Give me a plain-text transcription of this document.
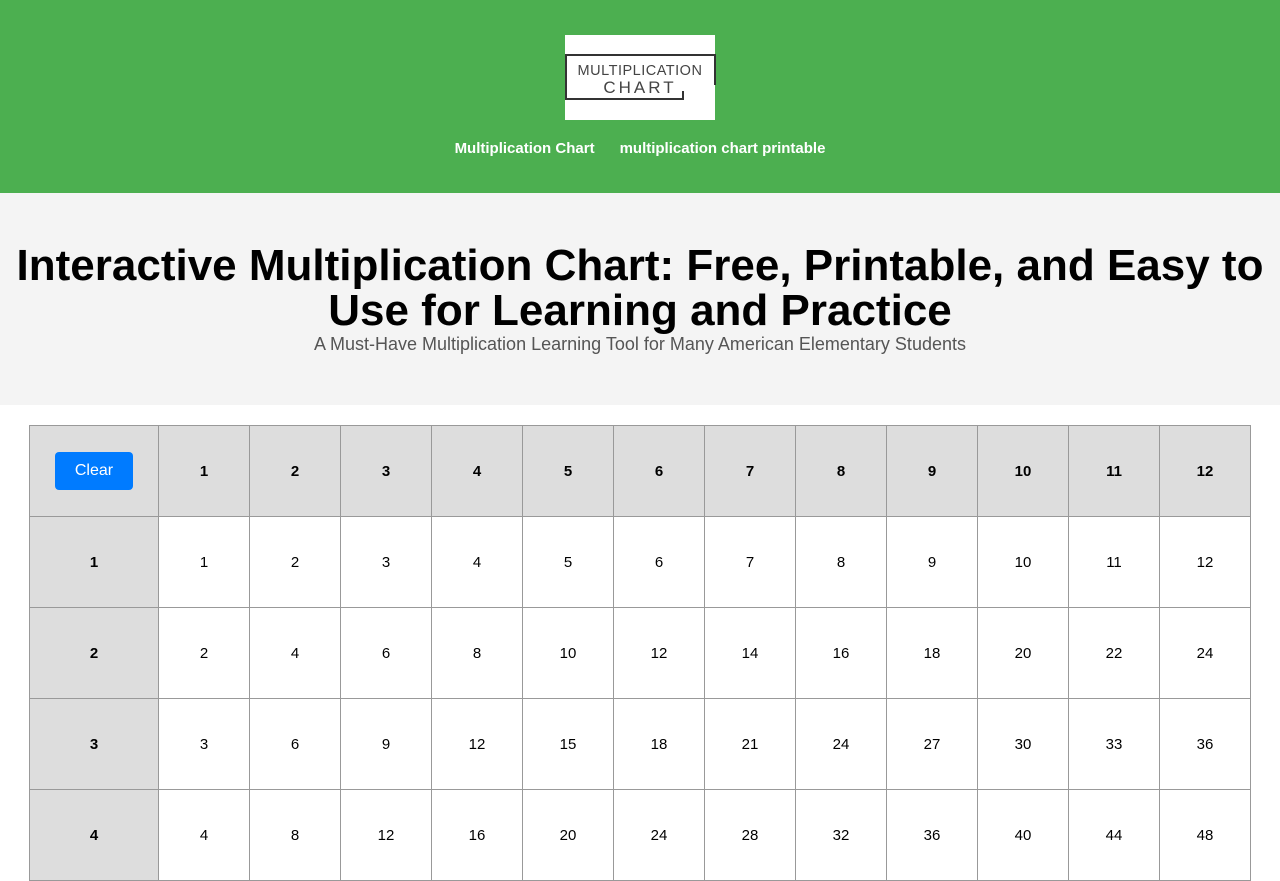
MULTIPLICATION
CHART
Multiplication Chart multiplication chart printable
Interactive Multiplication Chart: Free, Printable, and Easy to Use for Learning and Practice

A Must-Have Multiplication Learning Tool for Many American Elementary Students

Clear	1	2	3	4	5	6	7	8	9	10	11	12
1	1	2	3	4	5	6	7	8	9	10	11	12
2	2	4	6	8	10	12	14	16	18	20	22	24
3	3	6	9	12	15	18	21	24	27	30	33	36
4	4	8	12	16	20	24	28	32	36	40	44	48
